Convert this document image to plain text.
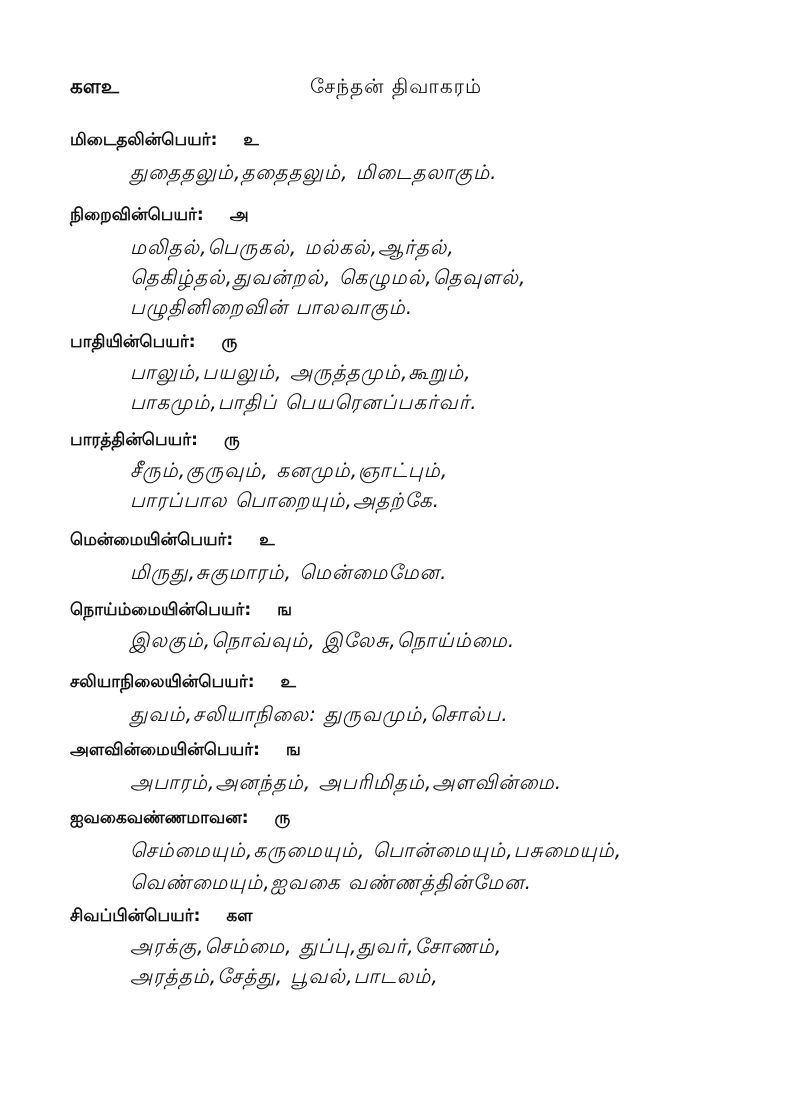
களஉ	சேந்தன் திவாகரம்
மிடைதலின்பெயர்: உ
துதைதலும்,ததைதலும், மிடைதலாகும்.
நிறைவின்பெயர்: அ
மலிதல்,பெருகல், மல்கல்,ஆர்தல்,
தெகிழ்தல்,துவன்றல், கெழுமல்,தெவுளல்,
பழுதினிறைவின் பாலவாகும்.
பாதியின்பெயர்: ரு
பாலும்,பயலும், அருத்தமும்,கூறும்,
பாகமும்,பாதிப் பெயரெனப்பகர்வர்.
பாரத்தின்பெயர்: ரு
சீரும்,குருவும், கனமும்,ஞாட்பும்,
பாரப்பால பொறையும்,அதற்கே.
மென்மையின்பெயர்: உ
மிருது,சுகுமாரம், மென்மைமேன.
நொய்ம்மையின்பெயர்: ங
இலகும்,நொவ்வும், இலேசு,நொய்ம்மை.
சலியாநிலையின்பெயர்: உ
துவம்,சலியாநிலை: துருவமும்,சொல்ப.
அளவின்மையின்பெயர்: ங
அபாரம்,அனந்தம், அபரிமிதம்,அளவின்மை.
ஐவகைவண்ணமாவன: ரு
செம்மையும்,கருமையும், பொன்மையும்,பசுமையும்,
வெண்மையும்,ஐவகை வண்ணத்தின்மேன.
சிவப்பின்பெயர்: கள
அரக்கு,செம்மை, துப்பு,துவர்,சோணம்,
அரத்தம்,சேத்து, பூவல்,பாடலம்,
